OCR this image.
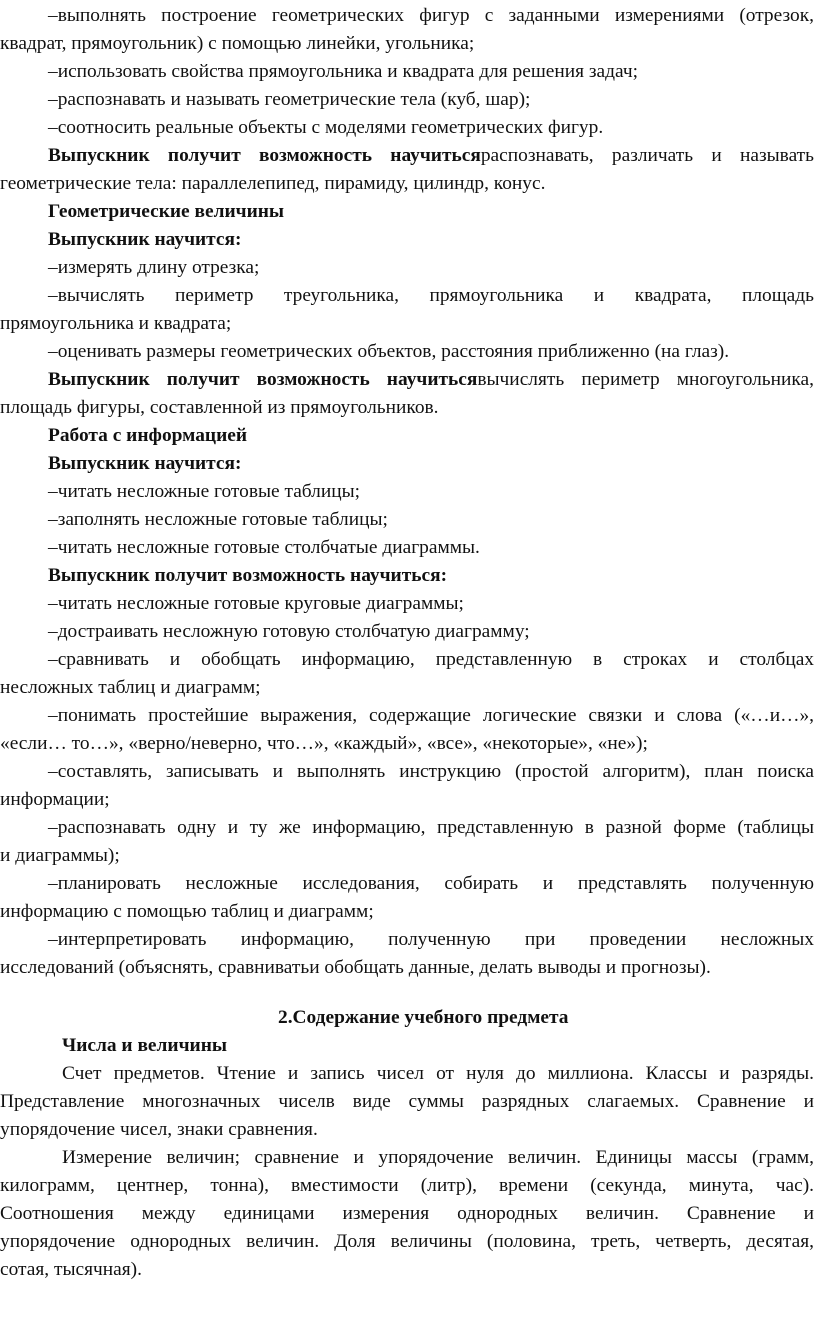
–выполнять построение геометрических фигур с заданными измерениями (отрезок,
квадрат, прямоугольник) с помощью линейки, угольника;
–использовать свойства прямоугольника и квадрата для решения задач;
–распознавать и называть геометрические тела (куб, шар);
–соотносить реальные объекты с моделями геометрических фигур.
Выпускник получит возможность научитьсяраспознавать, различать и называть
геометрические тела: параллелепипед, пирамиду, цилиндр, конус.
Геометрические величины
Выпускник научится:
–измерять длину отрезка;
–вычислять периметр треугольника, прямоугольника и квадрата, площадь
прямоугольника и квадрата;
–оценивать размеры геометрических объектов, расстояния приближенно (на глаз).
Выпускник получит возможность научитьсявычислять периметр многоугольника,
площадь фигуры, составленной из прямоугольников.
Работа с информацией
Выпускник научится:
–читать несложные готовые таблицы;
–заполнять несложные готовые таблицы;
–читать несложные готовые столбчатые диаграммы.
Выпускник получит возможность научиться:
–читать несложные готовые круговые диаграммы;
–достраивать несложную готовую столбчатую диаграмму;
–сравнивать и обобщать информацию, представленную в строках и столбцах
несложных таблиц и диаграмм;
–понимать простейшие выражения, содержащие логические связки и слова («…и…»,
«если… то…», «верно/неверно, что…», «каждый», «все», «некоторые», «не»);
–составлять, записывать и выполнять инструкцию (простой алгоритм), план поиска
информации;
–распознавать одну и ту же информацию, представленную в разной форме (таблицы
и диаграммы);
–планировать несложные исследования, собирать и представлять полученную
информацию с помощью таблиц и диаграмм;
–интерпретировать информацию, полученную при проведении несложных
исследований (объяснять, сравниватьи обобщать данные, делать выводы и прогнозы).
2.Содержание учебного предмета
Числа и величины
Счет предметов. Чтение и запись чисел от нуля до миллиона. Классы и разряды.
Представление многозначных чиселв виде суммы разрядных слагаемых. Сравнение и
упорядочение чисел, знаки сравнения.
Измерение величин; сравнение и упорядочение величин. Единицы массы (грамм,
килограмм, центнер, тонна), вместимости (литр), времени (секунда, минута, час).
Соотношения между единицами измерения однородных величин. Сравнение и
упорядочение однородных величин. Доля величины (половина, треть, четверть, десятая,
сотая, тысячная).
